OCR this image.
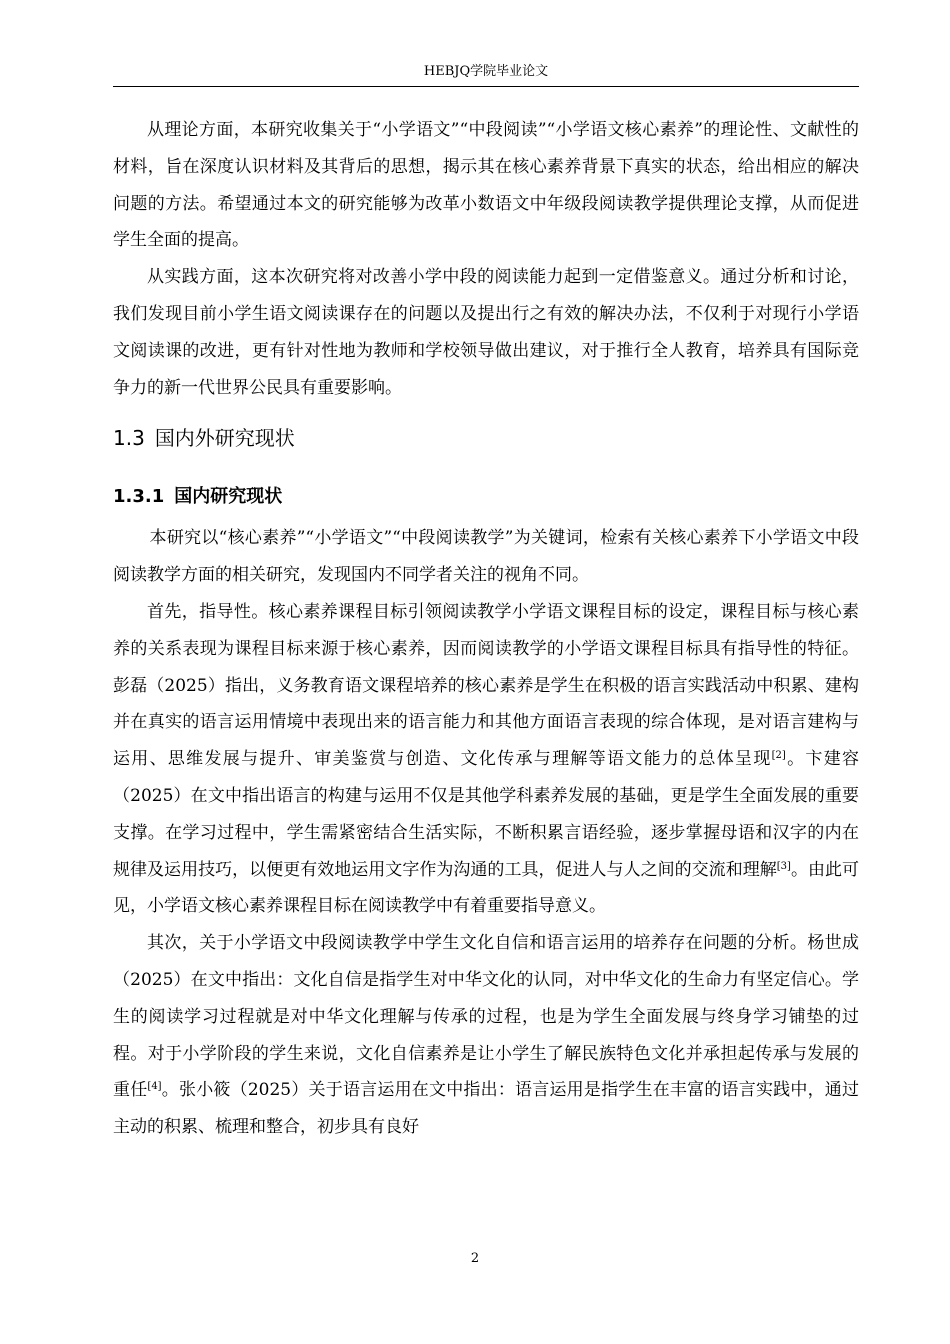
HEBJQ学院毕业论文

从理论方面，本研究收集关于“小学语文”“中段阅读”“小学语文核心素养”的理论性、文献性的材料，旨在深度认识材料及其背后的思想，揭示其在核心素养背景下真实的状态，给出相应的解决问题的方法。希望通过本文的研究能够为改革小数语文中年级段阅读教学提供理论支撑，从而促进学生全面的提高。

从实践方面，这本次研究将对改善小学中段的阅读能力起到一定借鉴意义。通过分析和讨论，我们发现目前小学生语文阅读课存在的问题以及提出行之有效的解决办法，不仅利于对现行小学语文阅读课的改进，更有针对性地为教师和学校领导做出建议，对于推行全人教育，培养具有国际竞争力的新一代世界公民具有重要影响。

1.3 国内外研究现状
1.3.1 国内研究现状

本研究以“核心素养”“小学语文”“中段阅读教学”为关键词，检索有关核心素养下小学语文中段阅读教学方面的相关研究，发现国内不同学者关注的视角不同。

首先，指导性。核心素养课程目标引领阅读教学小学语文课程目标的设定，课程目标与核心素养的关系表现为课程目标来源于核心素养，因而阅读教学的小学语文课程目标具有指导性的特征。彭磊（2025）指出，义务教育语文课程培养的核心素养是学生在积极的语言实践活动中积累、建构并在真实的语言运用情境中表现出来的语言能力和其他方面语言表现的综合体现，是对语言建构与运用、思维发展与提升、审美鉴赏与创造、文化传承与理解等语文能力的总体呈现[2]。卞建容（2025）在文中指出语言的构建与运用不仅是其他学科素养发展的基础，更是学生全面发展的重要支撑。在学习过程中，学生需紧密结合生活实际，不断积累言语经验，逐步掌握母语和汉字的内在规律及运用技巧，以便更有效地运用文字作为沟通的工具，促进人与人之间的交流和理解[3]。由此可见，小学语文核心素养课程目标在阅读教学中有着重要指导意义。

其次，关于小学语文中段阅读教学中学生文化自信和语言运用的培养存在问题的分析。杨世成（2025）在文中指出：文化自信是指学生对中华文化的认同，对中华文化的生命力有坚定信心。学生的阅读学习过程就是对中华文化理解与传承的过程，也是为学生全面发展与终身学习铺垫的过程。对于小学阶段的学生来说，文化自信素养是让小学生了解民族特色文化并承担起传承与发展的重任[4]。张小筱（2025）关于语言运用在文中指出：语言运用是指学生在丰富的语言实践中，通过主动的积累、梳理和整合，初步具有良好

2
